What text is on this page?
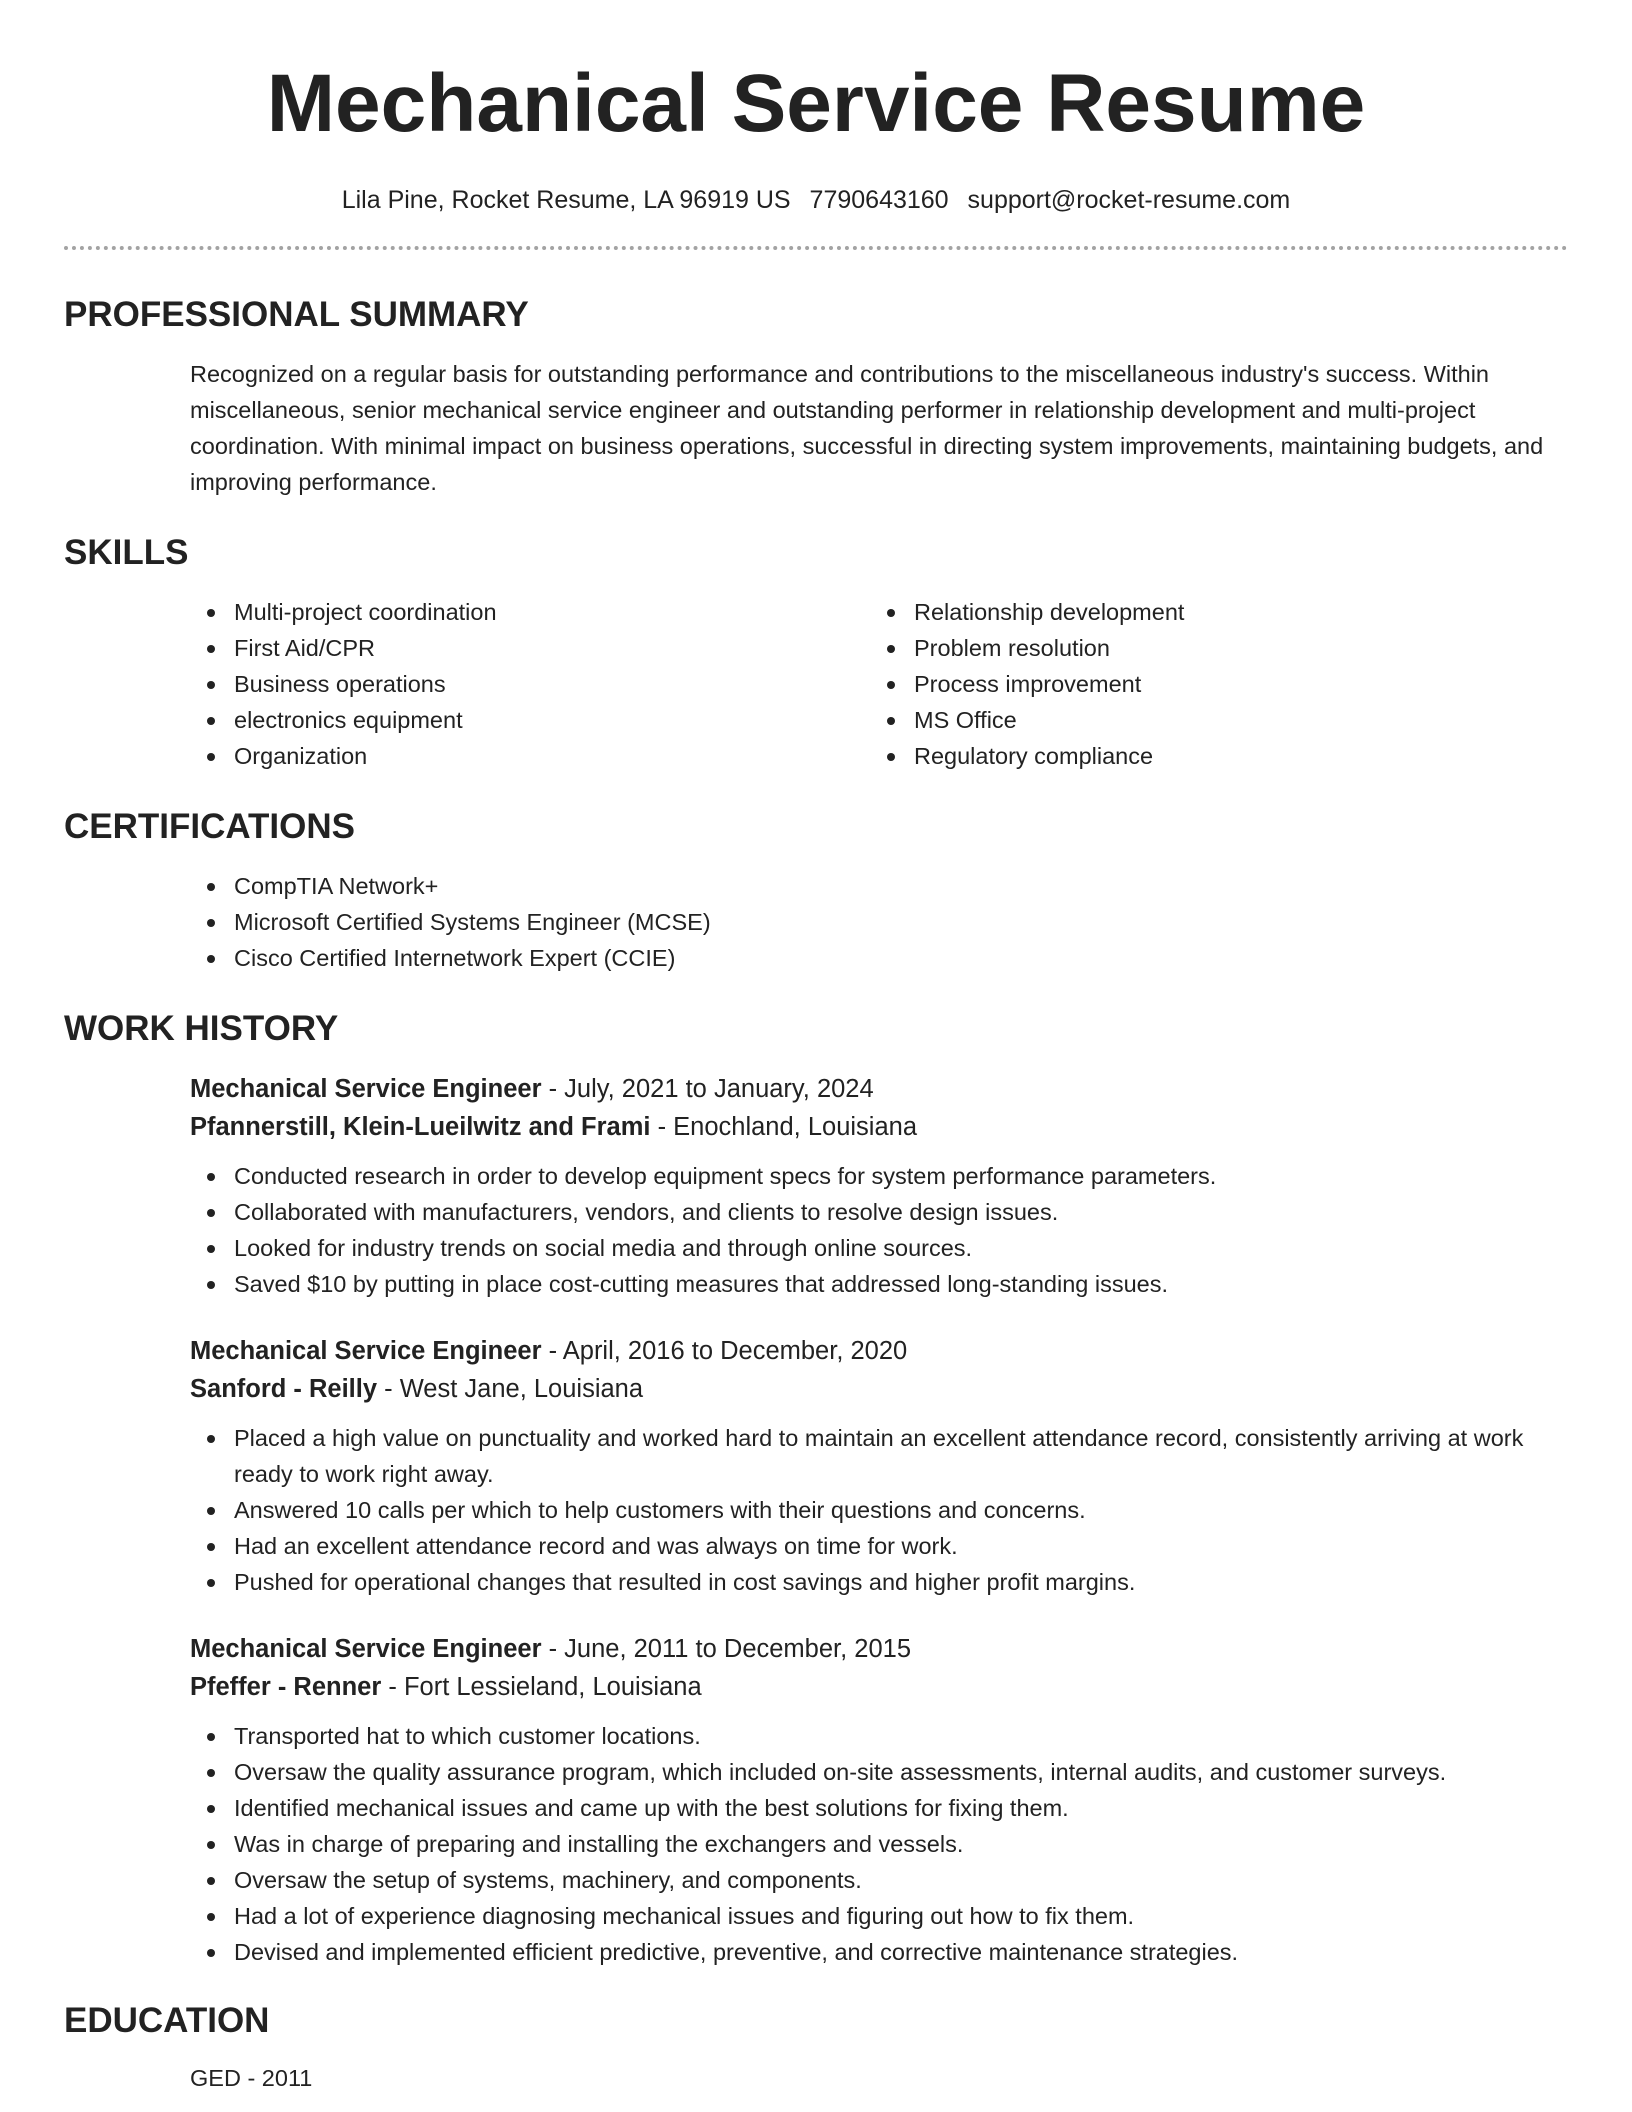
Mechanical Service Resume
Lila Pine, Rocket Resume, LA 96919 US 7790643160 support@rocket-resume.com
PROFESSIONAL SUMMARY

Recognized on a regular basis for outstanding performance and contributions to the miscellaneous industry's success. Within miscellaneous, senior mechanical service engineer and outstanding performer in relationship development and multi-project coordination. With minimal impact on business operations, successful in directing system improvements, maintaining budgets, and improving performance.

SKILLS
Multi-project coordination
First Aid/CPR
Business operations
electronics equipment
Organization
Relationship development
Problem resolution
Process improvement
MS Office
Regulatory compliance
CERTIFICATIONS
CompTIA Network+
Microsoft Certified Systems Engineer (MCSE)
Cisco Certified Internetwork Expert (CCIE)
WORK HISTORY
Mechanical Service Engineer - July, 2021 to January, 2024
Pfannerstill, Klein-Lueilwitz and Frami - Enochland, Louisiana
Conducted research in order to develop equipment specs for system performance parameters.
Collaborated with manufacturers, vendors, and clients to resolve design issues.
Looked for industry trends on social media and through online sources.
Saved $10 by putting in place cost-cutting measures that addressed long-standing issues.
Mechanical Service Engineer - April, 2016 to December, 2020
Sanford - Reilly - West Jane, Louisiana
Placed a high value on punctuality and worked hard to maintain an excellent attendance record, consistently arriving at work ready to work right away.
Answered 10 calls per which to help customers with their questions and concerns.
Had an excellent attendance record and was always on time for work.
Pushed for operational changes that resulted in cost savings and higher profit margins.
Mechanical Service Engineer - June, 2011 to December, 2015
Pfeffer - Renner - Fort Lessieland, Louisiana
Transported hat to which customer locations.
Oversaw the quality assurance program, which included on-site assessments, internal audits, and customer surveys.
Identified mechanical issues and came up with the best solutions for fixing them.
Was in charge of preparing and installing the exchangers and vessels.
Oversaw the setup of systems, machinery, and components.
Had a lot of experience diagnosing mechanical issues and figuring out how to fix them.
Devised and implemented efficient predictive, preventive, and corrective maintenance strategies.
EDUCATION

GED - 2011
